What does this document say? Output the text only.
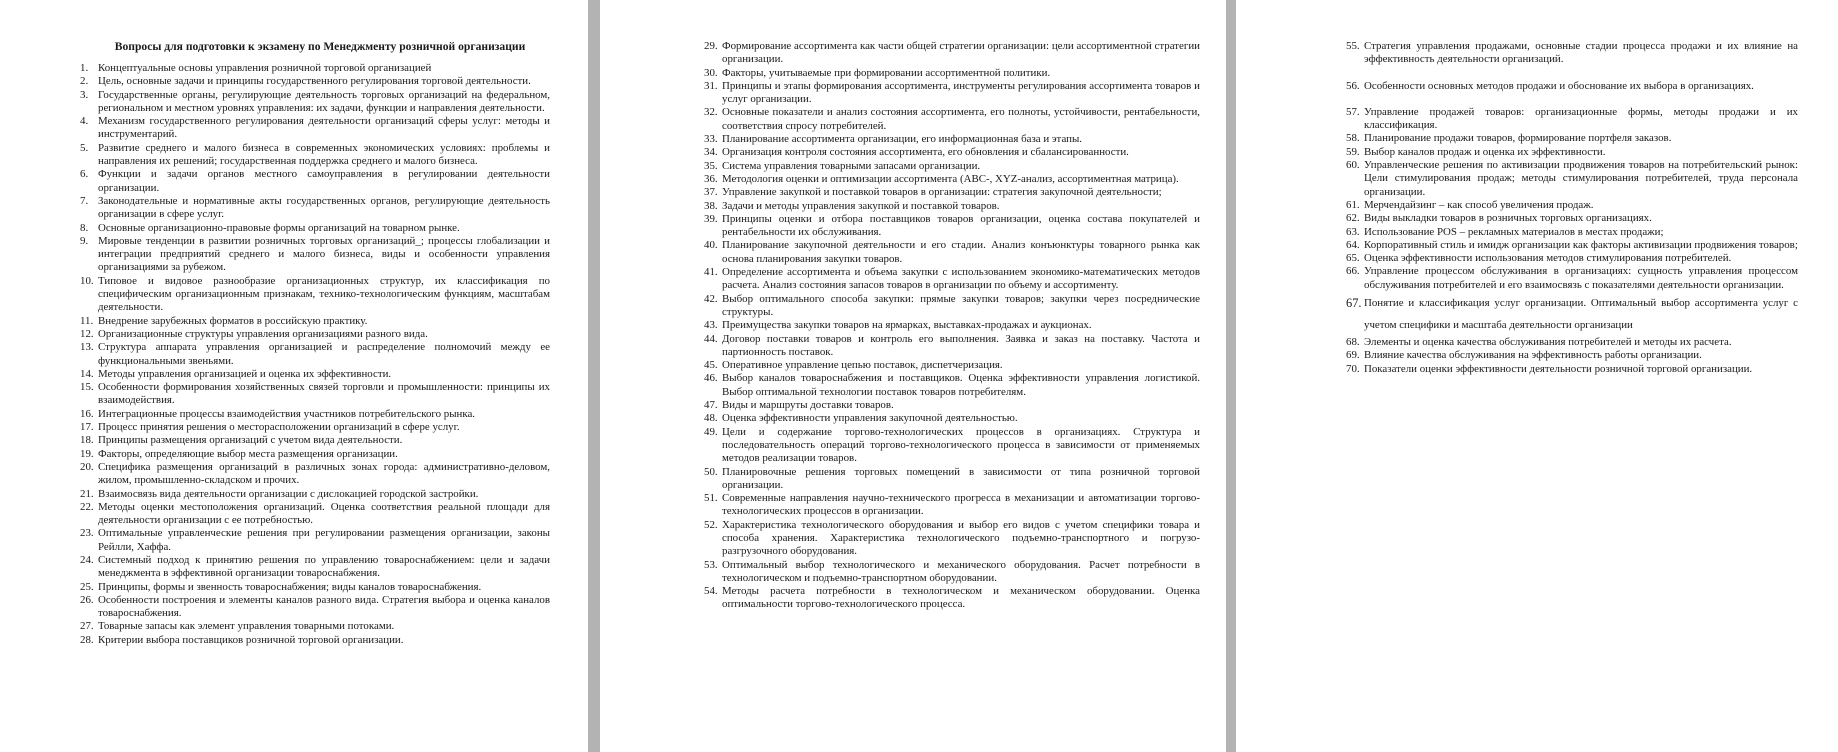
Вопросы для подготовки к экзамену по Менеджменту розничной организации
1. Концептуальные основы управления розничной торговой организацией
2. Цель, основные задачи и принципы государственного регулирования торговой деятельности.
3. Государственные органы, регулирующие деятельность торговых организаций на федеральном, региональном и местном уровнях управления: их задачи, функции и направления деятельности.
4. Механизм государственного регулирования деятельности организаций сферы услуг: методы и инструментарий.
5. Развитие среднего и малого бизнеса в современных экономических условиях: проблемы и направления их решений; государственная поддержка среднего и малого бизнеса.
6. Функции и задачи органов местного самоуправления в регулировании деятельности организации.
7. Законодательные и нормативные акты государственных органов, регулирующие деятельность организации в сфере услуг.
8. Основные организационно-правовые формы организаций на товарном рынке.
9. Мировые тенденции в развитии розничных торговых организаций_; процессы глобализации и интеграции предприятий среднего и малого бизнеса, виды и особенности управления организациями за рубежом.
10. Типовое и видовое разнообразие организационных структур, их классификация по специфическим организационным признакам, технико-технологическим функциям, масштабам деятельности.
11. Внедрение зарубежных форматов в российскую практику.
12. Организационные структуры управления организациями разного вида.
13. Структура аппарата управления организацией и распределение полномочий между ее функциональными звеньями.
14. Методы управления организацией и оценка их эффективности.
15. Особенности формирования хозяйственных связей торговли и промышленности: принципы их взаимодействия.
16. Интеграционные процессы взаимодействия участников потребительского рынка.
17. Процесс принятия решения о месторасположении организаций в сфере услуг.
18. Принципы размещения организаций с учетом вида деятельности.
19. Факторы, определяющие выбор места размещения организации.
20. Специфика размещения организаций в различных зонах города: административно-деловом, жилом, промышленно-складском и прочих.
21. Взаимосвязь вида деятельности организации с дислокацией городской застройки.
22. Методы оценки местоположения организаций. Оценка соответствия реальной площади для деятельности организации с ее потребностью.
23. Оптимальные управленческие решения при регулировании размещения организации, законы Рейлли, Хаффа.
24. Системный подход к принятию решения по управлению товароснабжением: цели и задачи менеджмента в эффективной организации товароснабжения.
25. Принципы, формы и звенность товароснабжения; виды каналов товароснабжения.
26. Особенности построения и элементы каналов разного вида. Стратегия выбора и оценка каналов товароснабжения.
27. Товарные запасы как элемент управления товарными потоками.
28. Критерии выбора поставщиков розничной торговой организации.
29. Формирование ассортимента как части общей стратегии организации: цели ассортиментной стратегии организации.
30. Факторы, учитываемые при формировании ассортиментной политики.
31. Принципы и этапы формирования ассортимента, инструменты регулирования ассортимента товаров и услуг организации.
32. Основные показатели и анализ состояния ассортимента, его полноты, устойчивости, рентабельности, соответствия спросу потребителей.
33. Планирование ассортимента организации, его информационная база и этапы.
34. Организация контроля состояния ассортимента, его обновления и сбалансированности.
35. Система управления товарными запасами организации.
36. Методология оценки и оптимизации ассортимента (АВС-, XYZ-анализ, ассортиментная матрица).
37. Управление закупкой и поставкой товаров в организации: стратегия закупочной деятельности;
38. Задачи и методы управления закупкой и поставкой товаров.
39. Принципы оценки и отбора поставщиков товаров организации, оценка состава покупателей и рентабельности их обслуживания.
40. Планирование закупочной деятельности и его стадии. Анализ конъюнктуры товарного рынка как основа планирования закупки товаров.
41. Определение ассортимента и объема закупки с использованием экономико-математических методов расчета. Анализ состояния запасов товаров в организации по объему и ассортименту.
42. Выбор оптимального способа закупки: прямые закупки товаров; закупки через посреднические структуры.
43. Преимущества закупки товаров на ярмарках, выставках-продажах и аукционах.
44. Договор поставки товаров и контроль его выполнения. Заявка и заказ на поставку. Частота и партионность поставок.
45. Оперативное управление цепью поставок, диспетчеризация.
46. Выбор каналов товароснабжения и поставщиков. Оценка эффективности управления логистикой. Выбор оптимальной технологии поставок товаров потребителям.
47. Виды и маршруты доставки товаров.
48. Оценка эффективности управления закупочной деятельностью.
49. Цели и содержание торгово-технологических процессов в организациях. Структура и последовательность операций торгово-технологического процесса в зависимости от применяемых методов реализации товаров.
50. Планировочные решения торговых помещений в зависимости от типа розничной торговой организации.
51. Современные направления научно-технического прогресса в механизации и автоматизации торгово-технологических процессов в организации.
52. Характеристика технологического оборудования и выбор его видов с учетом специфики товара и способа хранения. Характеристика технологического подъемно-транспортного и погрузо-разгрузочного оборудования.
53. Оптимальный выбор технологического и механического оборудования. Расчет потребности в технологическом и подъемно-транспортном оборудовании.
54. Методы расчета потребности в технологическом и механическом оборудовании. Оценка оптимальности торгово-технологического процесса.
55. Стратегия управления продажами, основные стадии процесса продажи и их влияние на эффективность деятельности организаций.
56. Особенности основных методов продажи и обоснование их выбора в организациях.
57. Управление продажей товаров: организационные формы, методы продажи и их классификация.
58. Планирование продажи товаров, формирование портфеля заказов.
59. Выбор каналов продаж и оценка их эффективности.
60. Управленческие решения по активизации продвижения товаров на потребительский рынок: Цели стимулирования продаж; методы стимулирования потребителей, труда персонала организации.
61. Мерчендайзинг – как способ увеличения продаж.
62. Виды выкладки товаров в розничных торговых организациях.
63. Использование POS – рекламных материалов в местах продажи;
64. Корпоративный стиль и имидж организации как факторы активизации продвижения товаров;
65. Оценка эффективности использования методов стимулирования потребителей.
66. Управление процессом обслуживания в организациях: сущность управления процессом обслуживания потребителей и его взаимосвязь с показателями деятельности организации.
67. Понятие и классификация услуг организации. Оптимальный выбор ассортимента услуг с учетом специфики и масштаба деятельности организации
68. Элементы и оценка качества обслуживания потребителей и методы их расчета.
69. Влияние качества обслуживания на эффективность работы организации.
70. Показатели оценки эффективности деятельности розничной торговой организации.
